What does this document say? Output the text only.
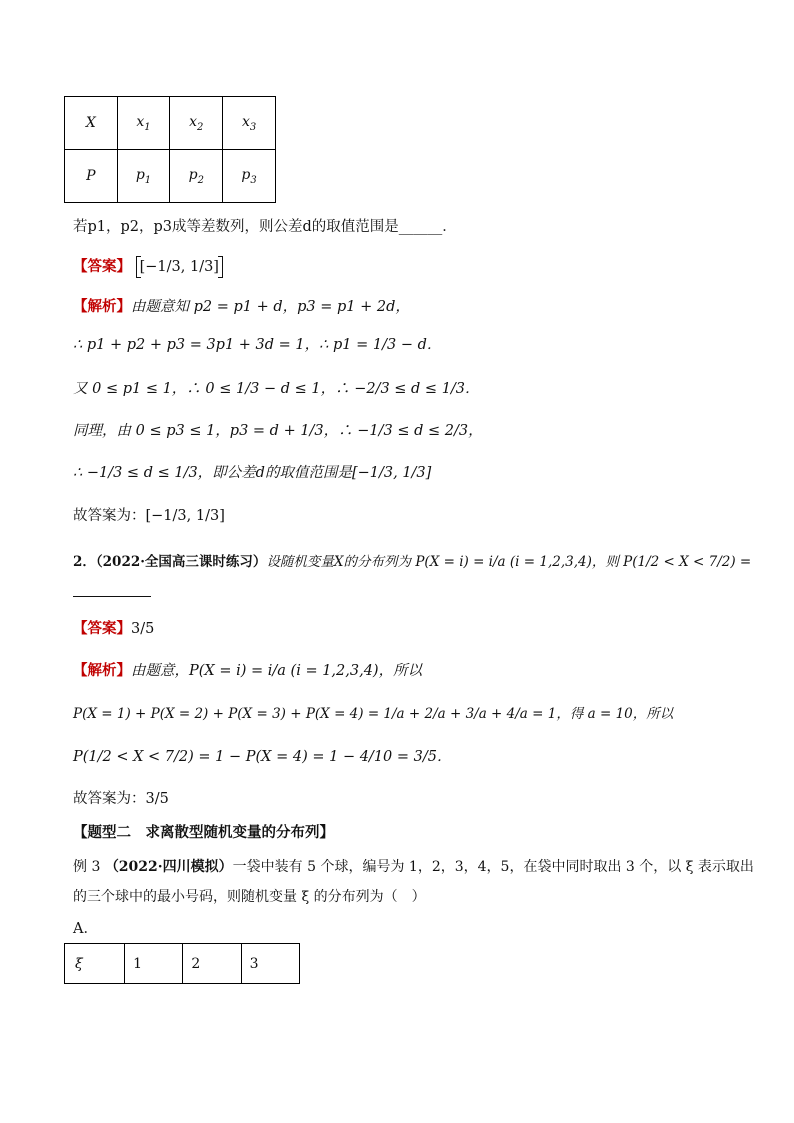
X	$x_1$	$x_2$	$x_3$
P	$p_1$	$p_2$	$p_3$
若p1，p2，p3成等差数列，则公差d的取值范围是______．
【答案】 [−1/3, 1/3]
【解析】由题意知 p2 = p1 + d，p3 = p1 + 2d，
∴ p1 + p2 + p3 = 3p1 + 3d = 1，∴ p1 = 1/3 − d．
又 0 ≤ p1 ≤ 1，∴ 0 ≤ 1/3 − d ≤ 1，∴ −2/3 ≤ d ≤ 1/3．
同理，由 0 ≤ p3 ≤ 1，p3 = d + 1/3，∴ −1/3 ≤ d ≤ 2/3，
∴ −1/3 ≤ d ≤ 1/3，即公差d的取值范围是[−1/3, 1/3]
故答案为：[−1/3, 1/3]
2．（2022·全国高三课时练习）设随机变量X的分布列为 P(X = i) = i/a (i = 1,2,3,4)，则 P(1/2 < X < 7/2) =
【答案】3/5
【解析】由题意，P(X = i) = i/a (i = 1,2,3,4)，所以
P(X = 1) + P(X = 2) + P(X = 3) + P(X = 4) = 1/a + 2/a + 3/a + 4/a = 1，得 a = 10，所以
P(1/2 < X < 7/2) = 1 − P(X = 4) = 1 − 4/10 = 3/5．
故答案为：3/5
【题型二　求离散型随机变量的分布列】
例 3 （2022·四川模拟）一袋中装有 5 个球，编号为 1，2，3，4，5，在袋中同时取出 3 个，以 ξ 表示取出
的三个球中的最小号码，则随机变量 ξ 的分布列为（　）
A．
ξ	1	2	3
